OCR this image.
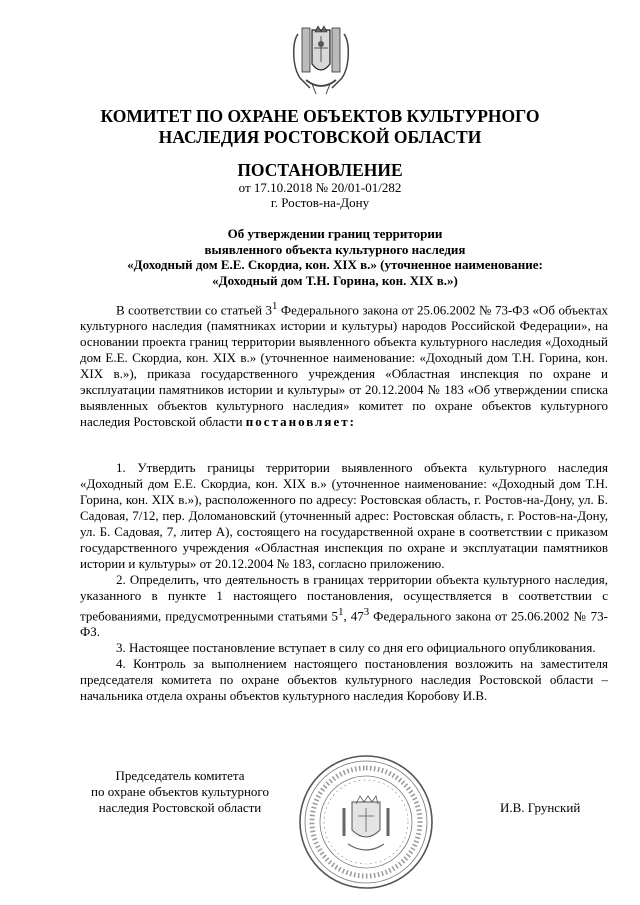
КОМИТЕТ ПО ОХРАНЕ ОБЪЕКТОВ КУЛЬТУРНОГО
НАСЛЕДИЯ РОСТОВСКОЙ ОБЛАСТИ
ПОСТАНОВЛЕНИЕ
от 17.10.2018 № 20/01-01/282
г. Ростов-на-Дону
Об утверждении границ территории
выявленного объекта культурного наследия
«Доходный дом Е.Е. Скордиа, кон. XIX в.» (уточненное наименование:
«Доходный дом Т.Н. Горина, кон. XIX в.»)

В соответствии со статьей $3^1$ Федерального закона от 25.06.2002 № 73-ФЗ «Об объектах культурного наследия (памятниках истории и культуры) народов Российской Федерации», на основании проекта границ территории выявленного объекта культурного наследия «Доходный дом Е.Е. Скордиа, кон. XIX в.» (уточненное наименование: «Доходный дом Т.Н. Горина, кон. XIX в.»), приказа государственного учреждения «Областная инспекция по охране и эксплуатации памятников истории и культуры» от 20.12.2004 № 183 «Об утверждении списка выявленных объектов культурного наследия» комитет по охране объектов культурного наследия Ростовской области постановляет:

1. Утвердить границы территории выявленного объекта культурного наследия «Доходный дом Е.Е. Скордиа, кон. XIX в.» (уточненное наименование: «Доходный дом Т.Н. Горина, кон. XIX в.»), расположенного по адресу: Ростовская область, г. Ростов-на-Дону, ул. Б. Садовая, 7/12, пер. Доломановский (уточненный адрес: Ростовская область, г. Ростов-на-Дону, ул. Б. Садовая, 7, литер А), состоящего на государственной охране в соответствии с приказом государственного учреждения «Областная инспекция по охране и эксплуатации памятников истории и культуры» от 20.12.2004 № 183, согласно приложению.

2. Определить, что деятельность в границах территории объекта культурного наследия, указанного в пункте 1 настоящего постановления, осуществляется в соответствии с требованиями, предусмотренными статьями $5^1$, $47^3$ Федерального закона от 25.06.2002 № 73-ФЗ.

3. Настоящее постановление вступает в силу со дня его официального опубликования.

4. Контроль за выполнением настоящего постановления возложить на заместителя председателя комитета по охране объектов культурного наследия Ростовской области – начальника отдела охраны объектов культурного наследия Коробову И.В.

Председатель комитета
по охране объектов культурного
наследия Ростовской области	И.В. Грунский
